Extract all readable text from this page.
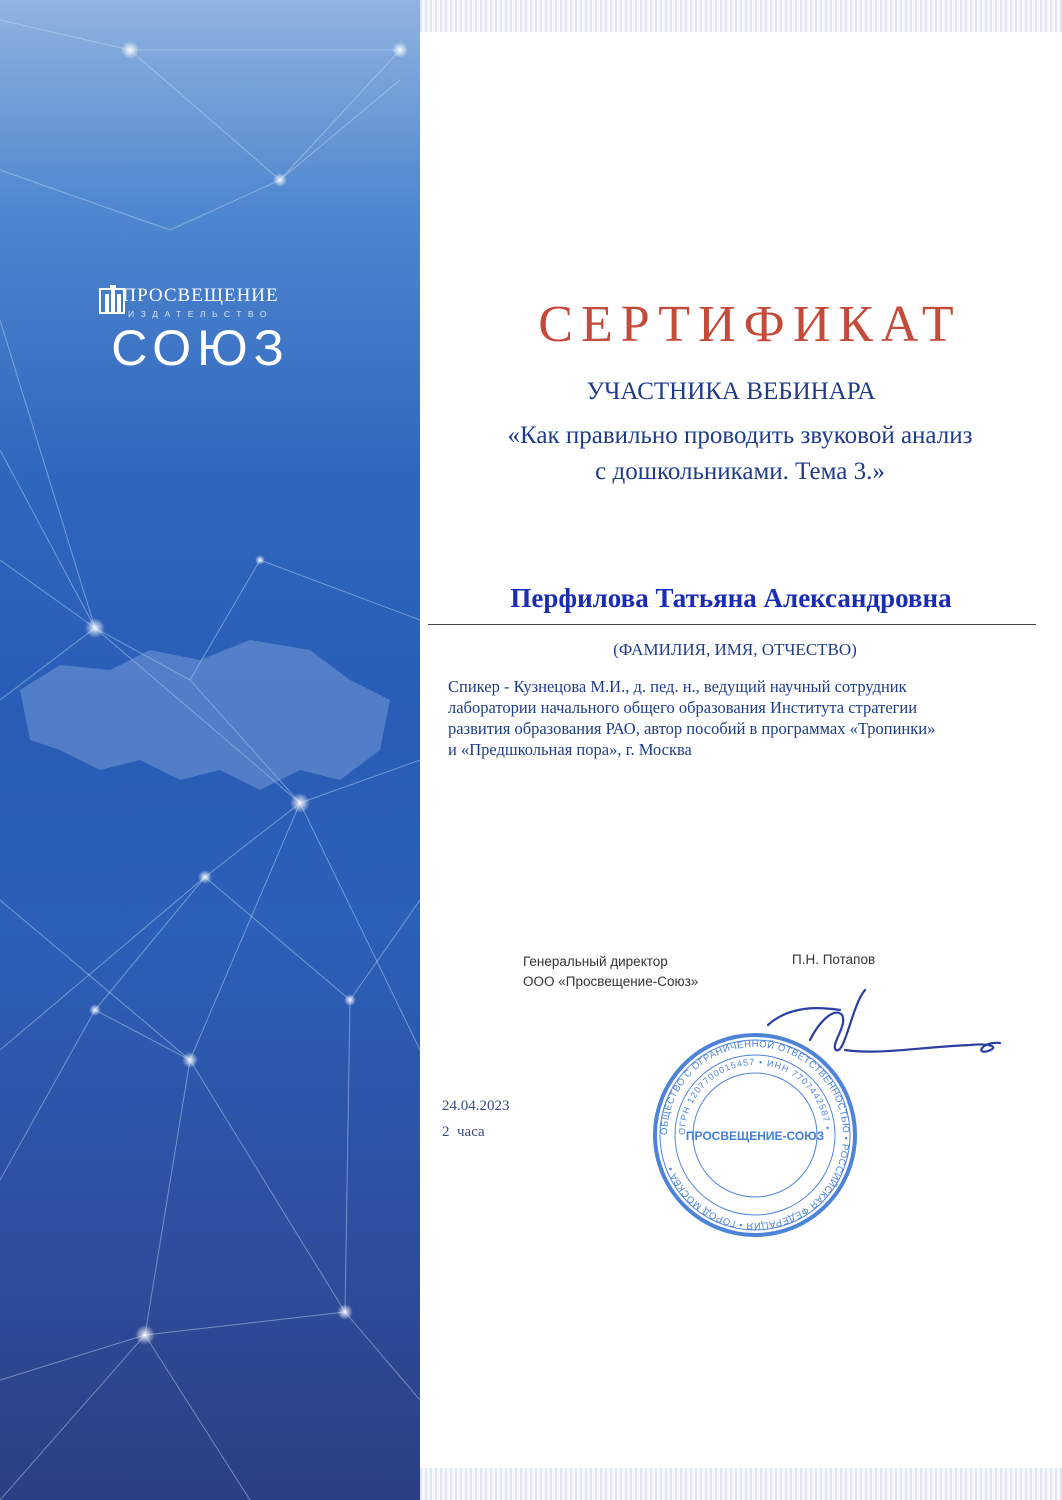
ПРОСВЕЩЕНИЕ
ИЗДАТЕЛЬСТВО
СОЮЗ	СЕРТИФИКАТ
УЧАСТНИКА ВЕБИНАРА
«Как правильно проводить звуковой анализ
с дошкольниками. Тема 3.»
Перфилова Татьяна Александровна
(ФАМИЛИЯ, ИМЯ, ОТЧЕСТВО)
Спикер - Кузнецова М.И., д. пед. н., ведущий научный сотрудник
лаборатории начального общего образования Института стратегии
развития образования РАО, автор пособий в программах «Тропинки»
и «Предшкольная пора», г. Москва
Генеральный директор
ООО «Просвещение-Союз»
П.Н. Потапов
ОБЩЕСТВО С ОГРАНИЧЕННОЙ ОТВЕТСТВЕННОСТЬЮ • РОССИЙСКАЯ ФЕДЕРАЦИЯ • ГОРОД МОСКВА •
ОГРН 1207700015457 • ИНН 7707442587 •
ПРОСВЕЩЕНИЕ-СОЮЗ
24.04.2023
2  часа
